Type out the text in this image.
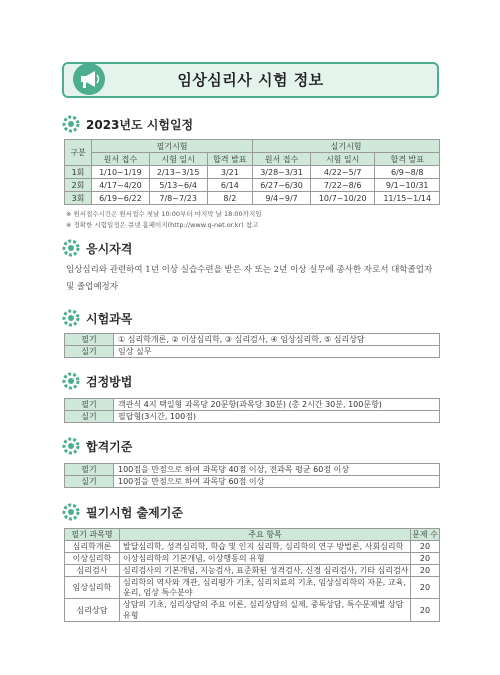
임상심리사 시험 정보
2023년도 시험일정
구분	필기시험			실기시험		
	원서 접수	시험 일시	합격 발표	원서 접수	시험 일시	합격 발표
1회	1/10~1/19	2/13~3/15	3/21	3/28~3/31	4/22~5/7	6/9~8/8
2회	4/17~4/20	5/13~6/4	6/14	6/27~6/30	7/22~8/6	9/1~10/31
3회	6/19~6/22	7/8~7/23	8/2	9/4~9/7	10/7~10/20	11/15~1/14
※ 원서접수시간은 원서접수 첫날 10:00부터 마지막 날 18:00까지임
※ 정확한 시험일정은 큐넷 홈페이지(http://www.q-net.or.kr) 참고
응시자격
임상심리와 관련하여 1년 이상 실습수련을 받은 자 또는 2년 이상 실무에 종사한 자로서 대학졸업자
및 졸업예정자
시험과목
필기	① 심리학개론, ② 이상심리학, ③ 심리검사, ④ 임상심리학, ⑤ 심리상담
실기	임상 실무
검정방법
필기	객관식 4지 택일형 과목당 20문항(과목당 30분) (총 2시간 30분, 100문항)
실기	필답형(3시간, 100점)
합격기준
필기	100점을 만점으로 하여 과목당 40점 이상, 전과목 평균 60점 이상
실기	100점을 만점으로 하여 과목당 60점 이상
필기시험 출제기준
필기 과목명	주요 항목	문제 수
심리학개론	발달심리학, 성격심리학, 학습 및 인지 심리학, 심리학의 연구 방법론, 사회심리학	20
이상심리학	이상심리학의 기본개념, 이상행동의 유형	20
심리검사	심리검사의 기본개념, 지능검사, 표준화된 성격검사, 신경 심리검사, 기타 심리검사	20
임상심리학	심리학의 역사와 개관, 심리평가 기초, 심리치료의 기초, 임상심리학의 자문, 교육,
윤리, 임상 특수분야	20
심리상담	상담의 기초, 심리상담의 주요 이론, 심리상담의 실제, 중독상담, 특수문제별 상담유형	20
